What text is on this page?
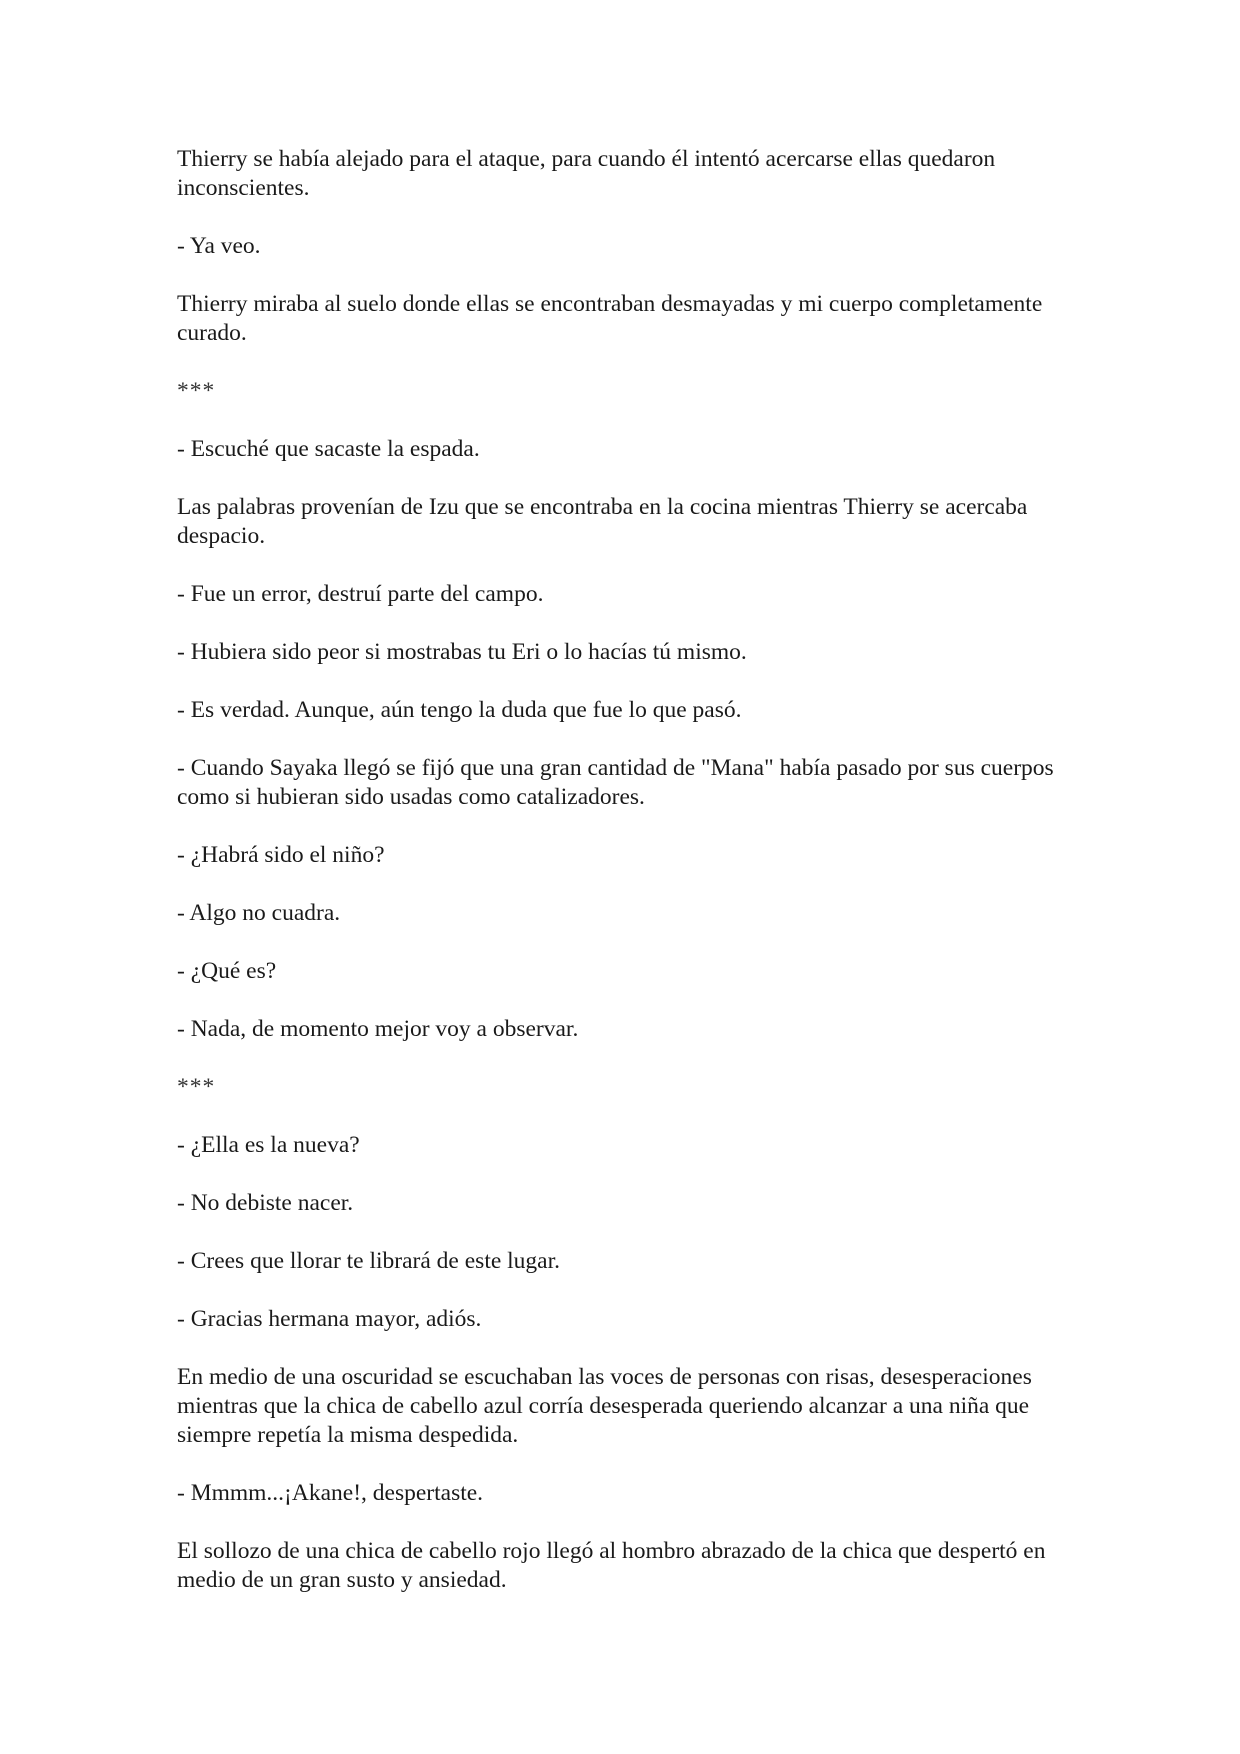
Thierry se había alejado para el ataque, para cuando él intentó acercarse ellas quedaron inconscientes.

- Ya veo.

Thierry miraba al suelo donde ellas se encontraban desmayadas y mi cuerpo completamente curado.

***

- Escuché que sacaste la espada.

Las palabras provenían de Izu que se encontraba en la cocina mientras Thierry se acercaba despacio.

- Fue un error, destruí parte del campo.

- Hubiera sido peor si mostrabas tu Eri o lo hacías tú mismo.

- Es verdad. Aunque, aún tengo la duda que fue lo que pasó.

- Cuando Sayaka llegó se fijó que una gran cantidad de "Mana" había pasado por sus cuerpos como si hubieran sido usadas como catalizadores.

- ¿Habrá sido el niño?

- Algo no cuadra.

- ¿Qué es?

- Nada, de momento mejor voy a observar.

***

- ¿Ella es la nueva?

- No debiste nacer.

- Crees que llorar te librará de este lugar.

- Gracias hermana mayor, adiós.

En medio de una oscuridad se escuchaban las voces de personas con risas, desesperaciones mientras que la chica de cabello azul corría desesperada queriendo alcanzar a una niña que siempre repetía la misma despedida.

- Mmmm...¡Akane!, despertaste.

El sollozo de una chica de cabello rojo llegó al hombro abrazado de la chica que despertó en medio de un gran susto y ansiedad.
